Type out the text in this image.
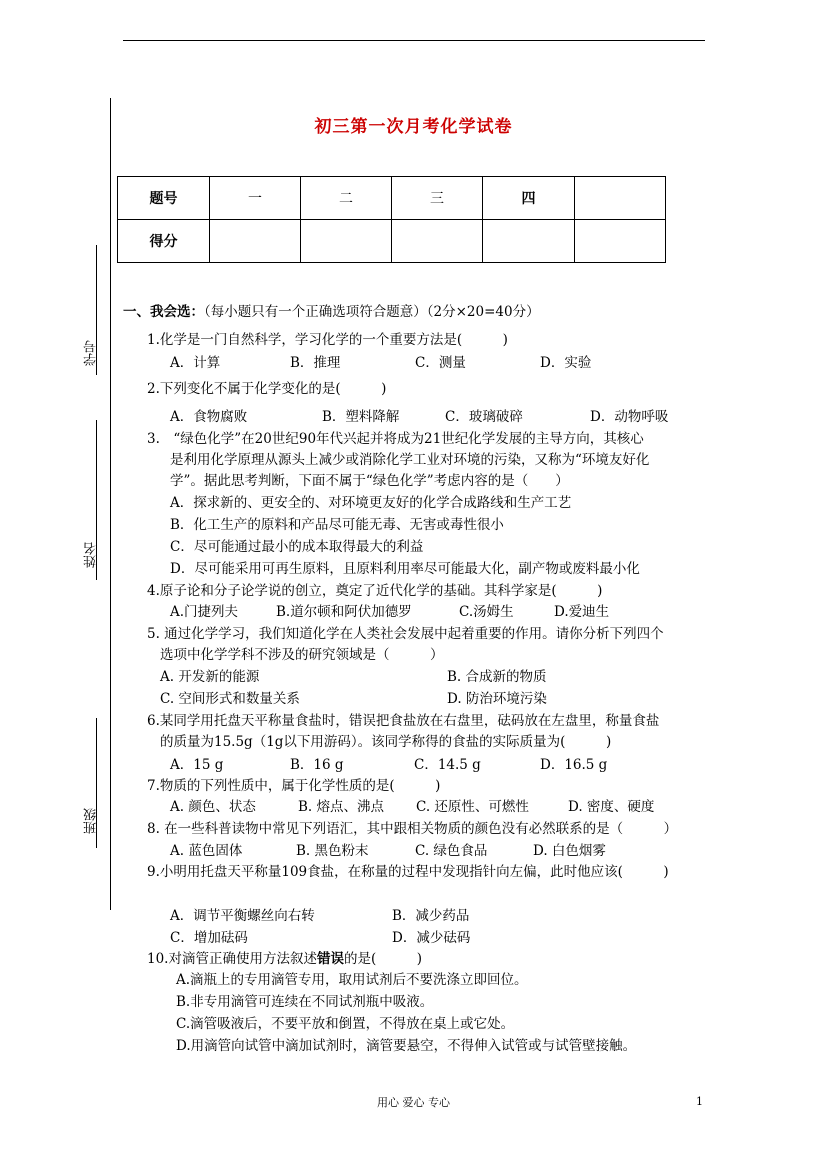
初三第一次月考化学试卷
学号
姓名
班级
题号	一	二	三	四	
得分					
一、我会选：（每小题只有一个正确选项符合题意）（2分×20=40分）
1.化学是一门自然科学，学习化学的一个重要方法是(　　　)
A．计算	B．推理	C．测量	D．实验
2.下列变化不属于化学变化的是(　　　)
A．食物腐败	B．塑料降解	C．玻璃破碎	D．动物呼吸
3.　“绿色化学”在20世纪90年代兴起并将成为21世纪化学发展的主导方向，其核心
是利用化学原理从源头上减少或消除化学工业对环境的污染，又称为“环境友好化
学”。据此思考判断，下面不属于“绿色化学”考虑内容的是（　　）
A．探求新的、更安全的、对环境更友好的化学合成路线和生产工艺
B．化工生产的原料和产品尽可能无毒、无害或毒性很小
C．尽可能通过最小的成本取得最大的利益
D．尽可能采用可再生原料，且原料利用率尽可能最大化，副产物或废料最小化
4.原子论和分子论学说的创立，奠定了近代化学的基础。其科学家是(　　　)
A.门捷列夫	B.道尔顿和阿伏加德罗	C.汤姆生	D.爱迪生
5. 通过化学学习，我们知道化学在人类社会发展中起着重要的作用。请你分析下列四个
选项中化学学科不涉及的研究领域是（　　　）
A. 开发新的能源	B. 合成新的物质
C. 空间形式和数量关系	D. 防治环境污染
6.某同学用托盘天平称量食盐时，错误把食盐放在右盘里，砝码放在左盘里，称量食盐
的质量为15.5g（1g以下用游码）。该同学称得的食盐的实际质量为(　　　)
A．15 g	B．16 g	C．14.5 g	D．16.5 g
7.物质的下列性质中，属于化学性质的是(　　　)
A. 颜色、状态	B. 熔点、沸点 C. 还原性、可燃性	D. 密度、硬度
8. 在一些科普读物中常见下列语汇，其中跟相关物质的颜色没有必然联系的是（　　　）
A. 蓝色固体	B. 黑色粉末	C. 绿色食品	D. 白色烟雾
9.小明用托盘天平称量109食盐，在称量的过程中发现指针向左偏，此时他应该(　　　)
A．调节平衡螺丝向右转	B．减少药品
C．增加砝码	D．减少砝码
10.对滴管正确使用方法叙述错误的是(　　　)
A.滴瓶上的专用滴管专用，取用试剂后不要洗涤立即回位。
B.非专用滴管可连续在不同试剂瓶中吸液。
C.滴管吸液后，不要平放和倒置，不得放在桌上或它处。
D.用滴管向试管中滴加试剂时，滴管要悬空，不得伸入试管或与试管壁接触。
用心 爱心 专心	1
